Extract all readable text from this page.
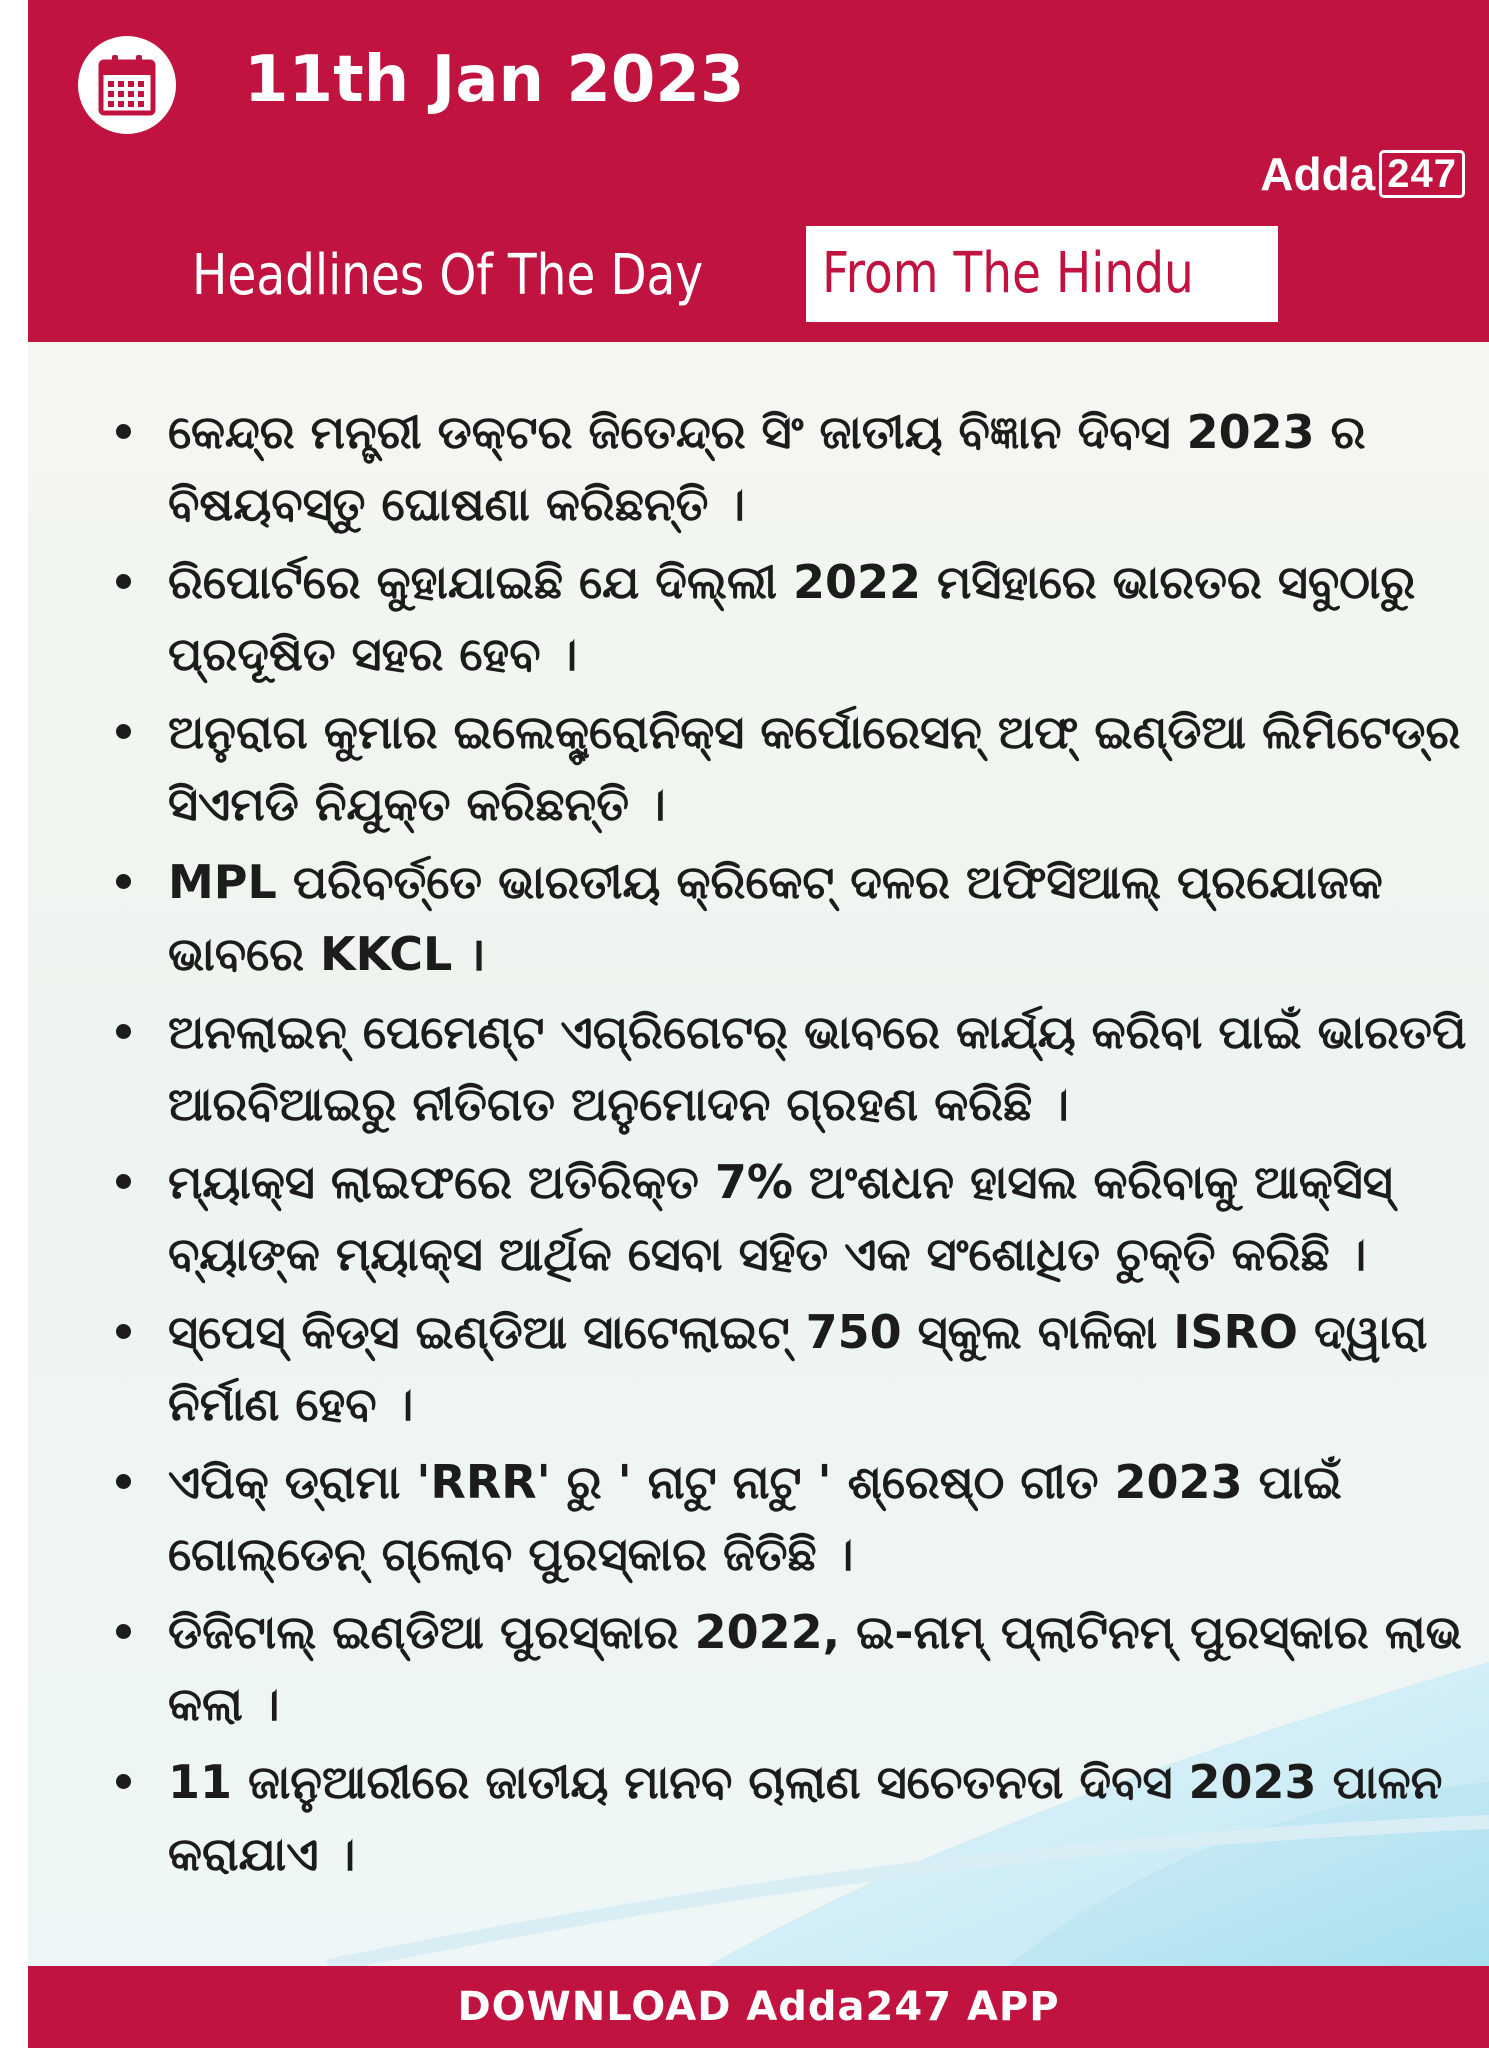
11th Jan 2023
Adda 247
Headlines Of The Day From The Hindu
କେନ୍ଦ୍ର ମନ୍ତ୍ରୀ ଡକ୍ଟର ଜିତେନ୍ଦ୍ର ସିଂ ଜାତୀୟ ବିଜ୍ଞାନ ଦିବସ 2023 ର ବିଷୟବସ୍ତୁ ଘୋଷଣା କରିଛନ୍ତି ।
ରିପୋର୍ଟରେ କୁହାଯାଇଛି ଯେ ଦିଲ୍ଲୀ 2022 ମସିହାରେ ଭାରତର ସବୁଠାରୁ ପ୍ରଦୂଷିତ ସହର ହେବ ।
ଅନୁରାଗ କୁମାର ଇଲେକ୍ଟ୍ରୋନିକ୍ସ କର୍ପୋରେସନ୍ ଅଫ୍ ଇଣ୍ଡିଆ ଲିମିଟେଡ୍ର ସିଏମଡି ନିଯୁକ୍ତ କରିଛନ୍ତି ।
MPL ପରିବର୍ତ୍ତେ ଭାରତୀୟ କ୍ରିକେଟ୍ ଦଳର ଅଫିସିଆଲ୍ ପ୍ରଯୋଜକ ଭାବରେ KKCL ।
ଅନଲାଇନ୍ ପେମେଣ୍ଟ ଏଗ୍ରିଗେଟର୍ ଭାବରେ କାର୍ଯ୍ୟ କରିବା ପାଇଁ ଭାରତପି ଆରବିଆଇରୁ ନୀତିଗତ ଅନୁମୋଦନ ଗ୍ରହଣ କରିଛି ।
ମ୍ୟାକ୍ସ ଲାଇଫରେ ଅତିରିକ୍ତ 7% ଅଂଶଧନ ହାସଲ କରିବାକୁ ଆକ୍ସିସ୍ ବ୍ୟାଙ୍କ ମ୍ୟାକ୍ସ ଆର୍ଥିକ ସେବା ସହିତ ଏକ ସଂଶୋଧିତ ଚୁକ୍ତି କରିଛି ।
ସ୍ପେସ୍ କିଡ୍ସ ଇଣ୍ଡିଆ ସାଟେଲାଇଟ୍ 750 ସ୍କୁଲ ବାଳିକା ISRO ଦ୍ୱାରା ନିର୍ମାଣ ହେବ ।
ଏପିକ୍ ଡ୍ରାମା 'RRR' ରୁ ' ନାଟୁ ନାଟୁ ' ଶ୍ରେଷ୍ଠ ଗୀତ 2023 ପାଇଁ ଗୋଲ୍ଡେନ୍ ଗ୍ଲୋବ ପୁରସ୍କାର ଜିତିଛି ।
ଡିଜିଟାଲ୍ ଇଣ୍ଡିଆ ପୁରସ୍କାର 2022, ଇ-ନାମ୍ ପ୍ଲାଟିନମ୍ ପୁରସ୍କାର ଲାଭ କଲା ।
11 ଜାନୁଆରୀରେ ଜାତୀୟ ମାନବ ଚାଲାଣ ସଚେତନତା ଦିବସ 2023 ପାଳନ କରାଯାଏ ।
DOWNLOAD Adda247 APP
